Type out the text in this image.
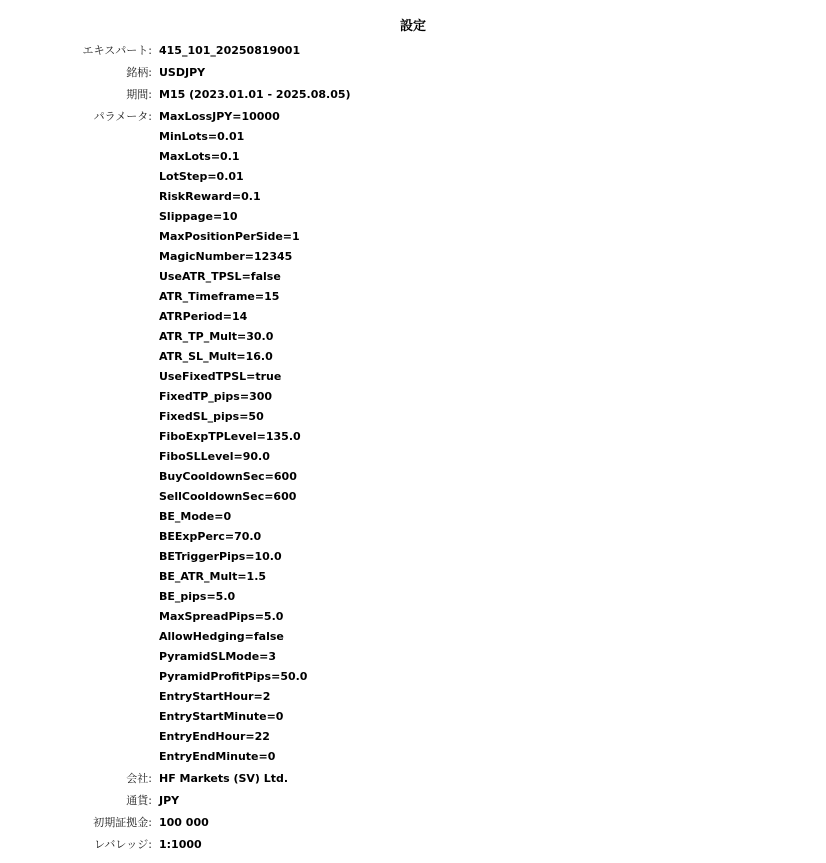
設定
エキスパート: 415_101_20250819001
銘柄: USDJPY
期間: M15 (2023.01.01 - 2025.08.05)
パラメータ: MaxLossJPY=10000
MinLots=0.01
MaxLots=0.1
LotStep=0.01
RiskReward=0.1
Slippage=10
MaxPositionPerSide=1
MagicNumber=12345
UseATR_TPSL=false
ATR_Timeframe=15
ATRPeriod=14
ATR_TP_Mult=30.0
ATR_SL_Mult=16.0
UseFixedTPSL=true
FixedTP_pips=300
FixedSL_pips=50
FiboExpTPLevel=135.0
FiboSLLevel=90.0
BuyCooldownSec=600
SellCooldownSec=600
BE_Mode=0
BEExpPerc=70.0
BETriggerPips=10.0
BE_ATR_Mult=1.5
BE_pips=5.0
MaxSpreadPips=5.0
AllowHedging=false
PyramidSLMode=3
PyramidProfitPips=50.0
EntryStartHour=2
EntryStartMinute=0
EntryEndHour=22
EntryEndMinute=0
会社: HF Markets (SV) Ltd.
通貨: JPY
初期証拠金: 100 000
レバレッジ: 1:1000
